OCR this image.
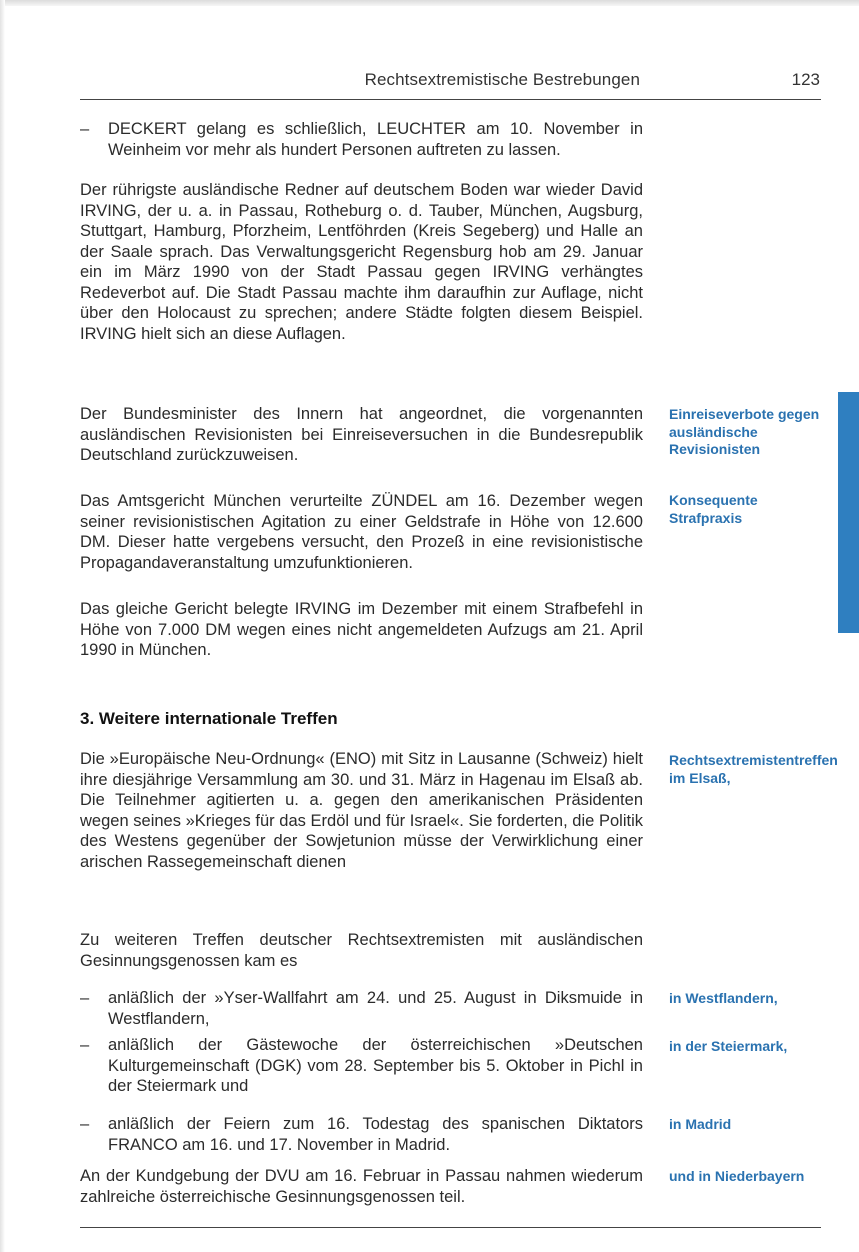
Rechtsextremistische Bestrebungen	123
–	DECKERT gelang es schließlich, LEUCHTER am 10. November in Weinheim vor mehr als hundert Personen auftreten zu lassen.

Der rührigste ausländische Redner auf deutschem Boden war wieder David IRVING, der u. a. in Passau, Rotheburg o. d. Tauber, München, Augsburg, Stuttgart, Hamburg, Pforzheim, Lentföhrden (Kreis Segeberg) und Halle an der Saale sprach. Das Verwaltungsgericht Regensburg hob am 29. Januar ein im März 1990 von der Stadt Passau gegen IRVING verhängtes Redeverbot auf. Die Stadt Passau machte ihm daraufhin zur Auflage, nicht über den Holocaust zu sprechen; andere Städte folgten diesem Beispiel. IRVING hielt sich an diese Auflagen.

Der Bundesminister des Innern hat angeordnet, die vorgenannten ausländischen Revisionisten bei Einreiseversuchen in die Bundesrepublik Deutschland zurückzuweisen.

Einreiseverbote gegen ausländische Revisionisten

Das Amtsgericht München verurteilte ZÜNDEL am 16. Dezember wegen seiner revisionistischen Agitation zu einer Geldstrafe in Höhe von 12.600 DM. Dieser hatte vergebens versucht, den Prozeß in eine revisionistische Propagandaveranstaltung umzufunktionieren.

Konsequente Strafpraxis

Das gleiche Gericht belegte IRVING im Dezember mit einem Strafbefehl in Höhe von 7.000 DM wegen eines nicht angemeldeten Aufzugs am 21. April 1990 in München.

3. Weitere internationale Treffen

Die »Europäische Neu-Ordnung« (ENO) mit Sitz in Lausanne (Schweiz) hielt ihre diesjährige Versammlung am 30. und 31. März in Hagenau im Elsaß ab. Die Teilnehmer agitierten u. a. gegen den amerikanischen Präsidenten wegen seines »Krieges für das Erdöl und für Israel«. Sie forderten, die Politik des Westens gegenüber der Sowjetunion müsse der Verwirklichung einer arischen Rassegemeinschaft dienen

Rechtsextremistentreffen im Elsaß,

Zu weiteren Treffen deutscher Rechtsextremisten mit ausländischen Gesinnungsgenossen kam es

–	anläßlich der »Yser-Wallfahrt am 24. und 25. August in Diksmuide in Westflandern,
in Westflandern,
–	anläßlich der Gästewoche der österreichischen »Deutschen Kulturgemeinschaft (DGK) vom 28. September bis 5. Oktober in Pichl in der Steiermark und
in der Steiermark,
–	anläßlich der Feiern zum 16. Todestag des spanischen Diktators FRANCO am 16. und 17. November in Madrid.
in Madrid

An der Kundgebung der DVU am 16. Februar in Passau nahmen wiederum zahlreiche österreichische Gesinnungsgenossen teil.

und in Niederbayern
